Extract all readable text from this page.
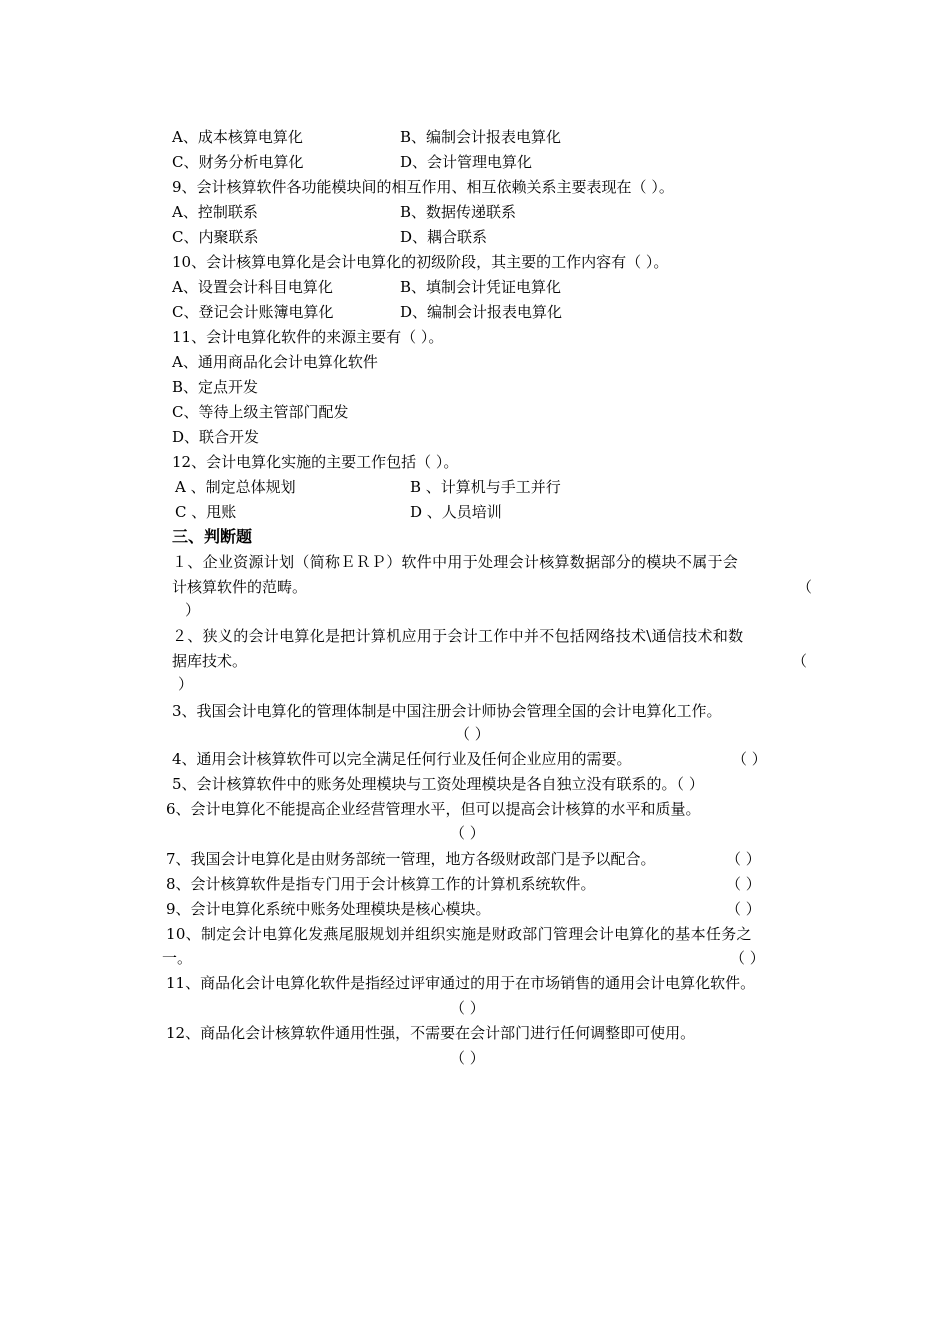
A、成本核算电算化	B、编制会计报表电算化
C、财务分析电算化	D、会计管理电算化
9、会计核算软件各功能模块间的相互作用、相互依赖关系主要表现在（ ）。
A、控制联系	B、数据传递联系
C、内聚联系	D、耦合联系
10、会计核算电算化是会计电算化的初级阶段，其主要的工作内容有（ ）。
A、设置会计科目电算化	B、填制会计凭证电算化
C、登记会计账簿电算化	D、编制会计报表电算化
11、会计电算化软件的来源主要有（ ）。
A、通用商品化会计电算化软件
B、定点开发
C、等待上级主管部门配发
D、联合开发
12、会计电算化实施的主要工作包括（ ）。
A 、制定总体规划	B 、计算机与手工并行
C 、甩账	D 、人员培训
三、判断题
１、企业资源计划（简称ＥＲＰ）软件中用于处理会计核算数据部分的模块不属于会
计核算软件的范畴。	（
）
２、狭义的会计电算化是把计算机应用于会计工作中并不包括网络技术\通信技术和数
据库技术。	（
）
3、我国会计电算化的管理体制是中国注册会计师协会管理全国的会计电算化工作。
（ ）
4、通用会计核算软件可以完全满足任何行业及任何企业应用的需要。	（ ）
5、会计核算软件中的账务处理模块与工资处理模块是各自独立没有联系的。（ ）
6、会计电算化不能提高企业经营管理水平，但可以提高会计核算的水平和质量。
（ ）
7、我国会计电算化是由财务部统一管理，地方各级财政部门是予以配合。	（ ）
8、会计核算软件是指专门用于会计核算工作的计算机系统软件。	（ ）
9、会计电算化系统中账务处理模块是核心模块。	（ ）
10、制定会计电算化发燕尾服规划并组织实施是财政部门管理会计电算化的基本任务之
一。	（ ）
11、商品化会计电算化软件是指经过评审通过的用于在市场销售的通用会计电算化软件。
（ ）
12、商品化会计核算软件通用性强，不需要在会计部门进行任何调整即可使用。
（ ）
